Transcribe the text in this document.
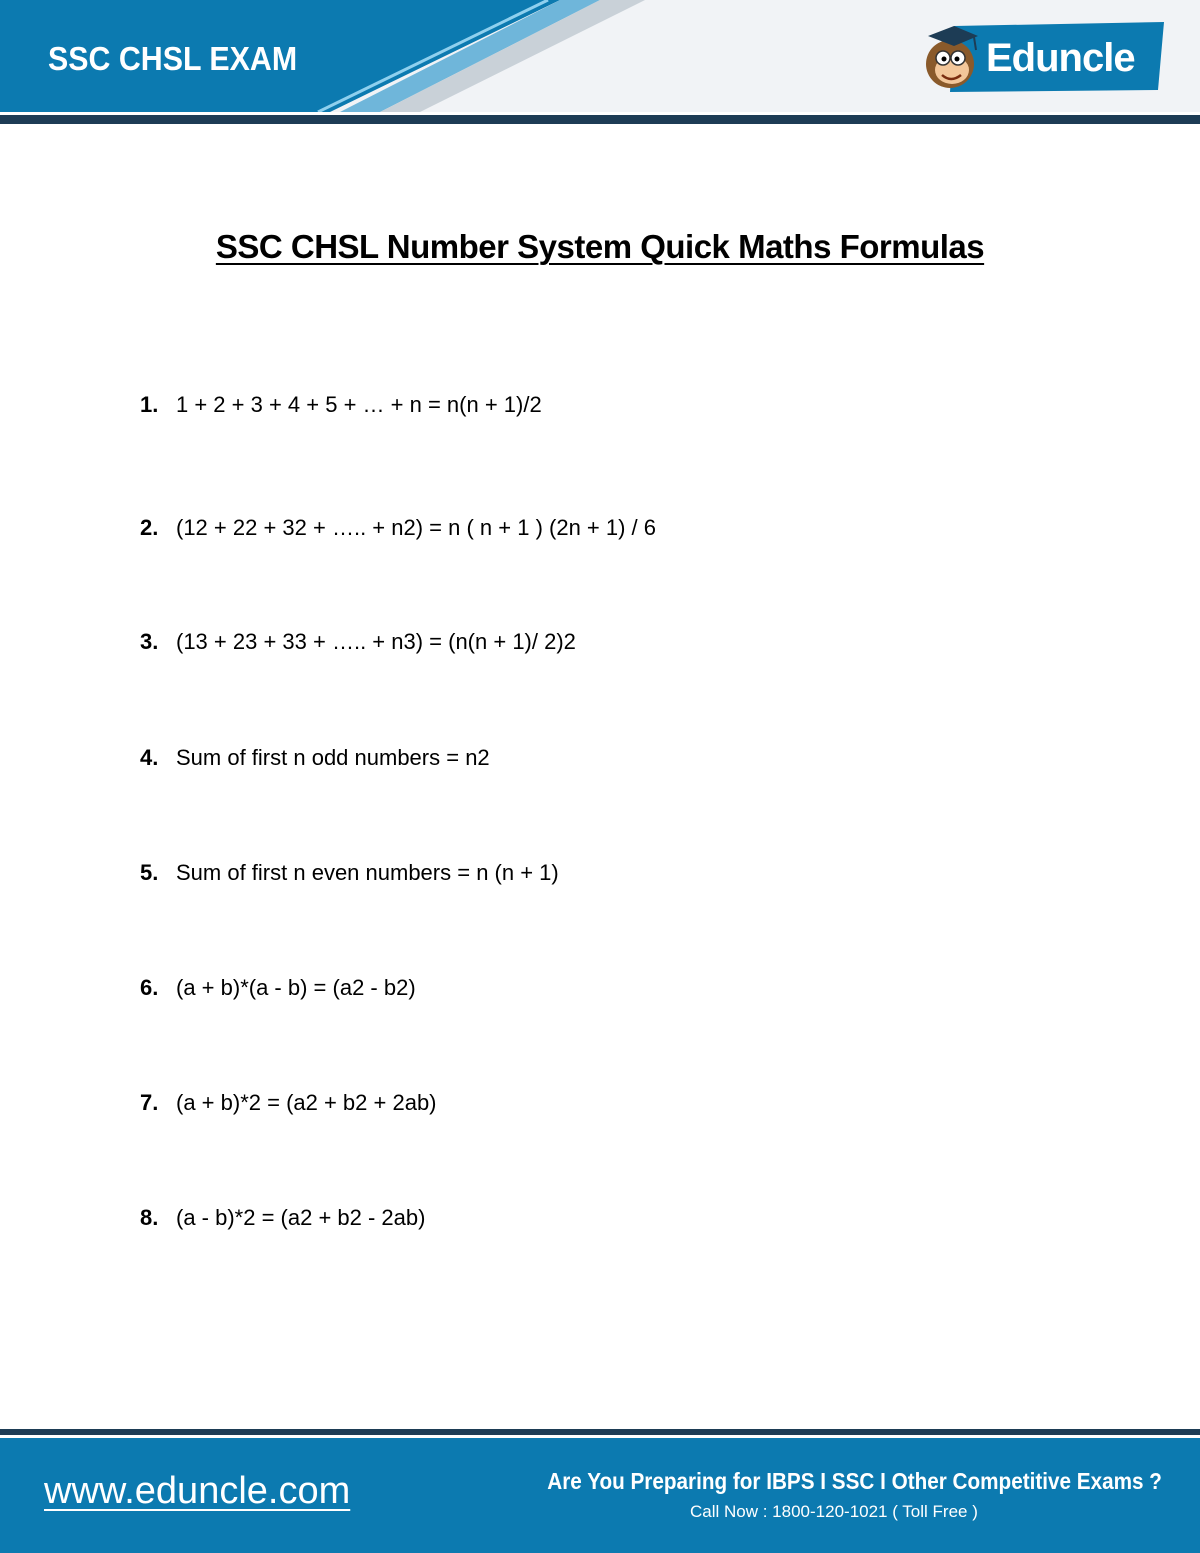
SSC CHSL EXAM	Eduncle
SSC CHSL Number System Quick Maths Formulas
1. 1 + 2 + 3 + 4 + 5 + … + n = n(n + 1)/2
2. (12 + 22 + 32 + ….. + n2) = n ( n + 1 ) (2n + 1) / 6
3. (13 + 23 + 33 + ….. + n3) = (n(n + 1)/ 2)2
4. Sum of first n odd numbers = n2
5. Sum of first n even numbers = n (n + 1)
6. (a + b)*(a - b) = (a2 - b2)
7. (a + b)*2 = (a2 + b2 + 2ab)
8. (a - b)*2 = (a2 + b2 - 2ab)
www.eduncle.com	Are You Preparing for IBPS I SSC I Other Competitive Exams ?
Call Now : 1800-120-1021 ( Toll Free )
